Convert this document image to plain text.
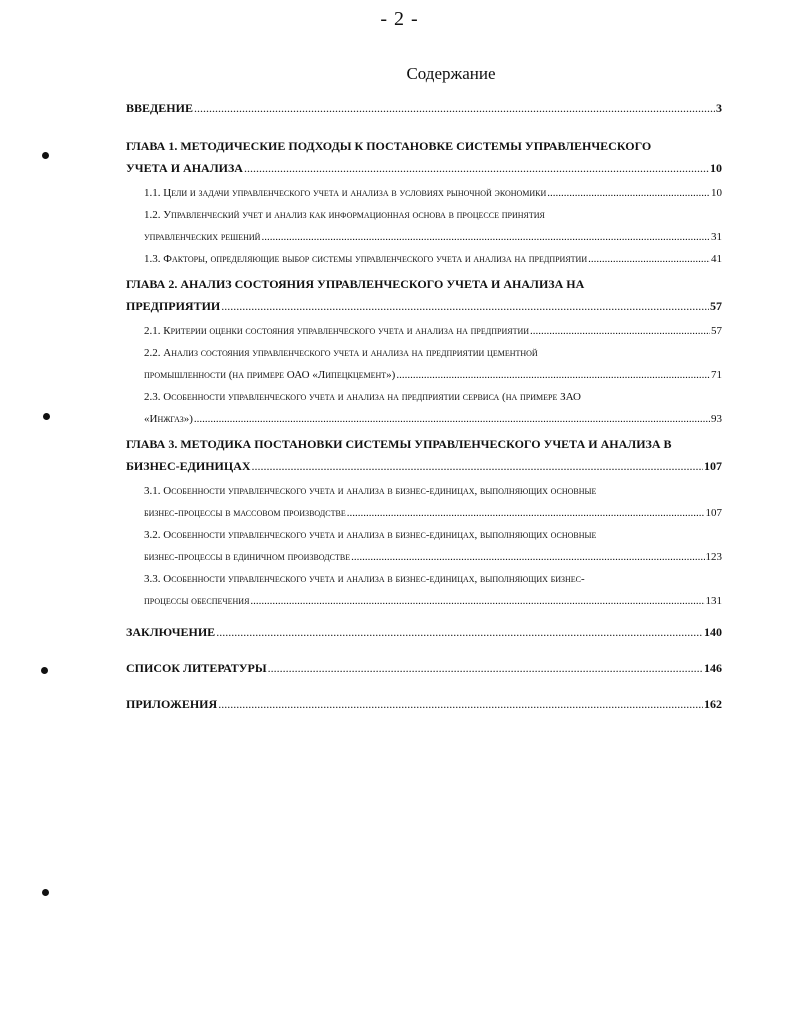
- 2 -
Содержание
ВВЕДЕНИЕ .....	3
ГЛАВА 1. МЕТОДИЧЕСКИЕ ПОДХОДЫ К ПОСТАНОВКЕ СИСТЕМЫ УПРАВЛЕНЧЕСКОГО
УЧЕТА И АНАЛИЗА .....	10
1.1. Цели и задачи управленческого учета и анализа в условиях рыночной экономики .....	10
1.2. Управленческий учет и анализ как информационная основа в процессе принятия
управленческих решений .....	31
1.3. Факторы, определяющие выбор системы управленческого учета и анализа на предприятии .....	41
ГЛАВА 2. АНАЛИЗ СОСТОЯНИЯ УПРАВЛЕНЧЕСКОГО УЧЕТА И АНАЛИЗА НА
ПРЕДПРИЯТИИ .....	57
2.1. Критерии оценки состояния управленческого учета и анализа на предприятии .....	57
2.2. Анализ состояния управленческого учета и анализа на предприятии цементной
промышленности (на примере ОАО «Липецкцемент») .....	71
2.3. Особенности управленческого учета и анализа на предприятии сервиса (на примере ЗАО
«Инжгаз») .....	93
ГЛАВА 3. МЕТОДИКА ПОСТАНОВКИ СИСТЕМЫ УПРАВЛЕНЧЕСКОГО УЧЕТА И АНАЛИЗА В
БИЗНЕС-ЕДИНИЦАХ .....	107
3.1. Особенности управленческого учета и анализа в бизнес-единицах, выполняющих основные
бизнес-процессы в массовом производстве .....	107
3.2. Особенности управленческого учета и анализа в бизнес-единицах, выполняющих основные
бизнес-процессы в единичном производстве .....	123
3.3. Особенности управленческого учета и анализа в бизнес-единицах, выполняющих бизнес-
процессы обеспечения .....	131
ЗАКЛЮЧЕНИЕ .....	140
СПИСОК ЛИТЕРАТУРЫ .....	146
ПРИЛОЖЕНИЯ .....	162
